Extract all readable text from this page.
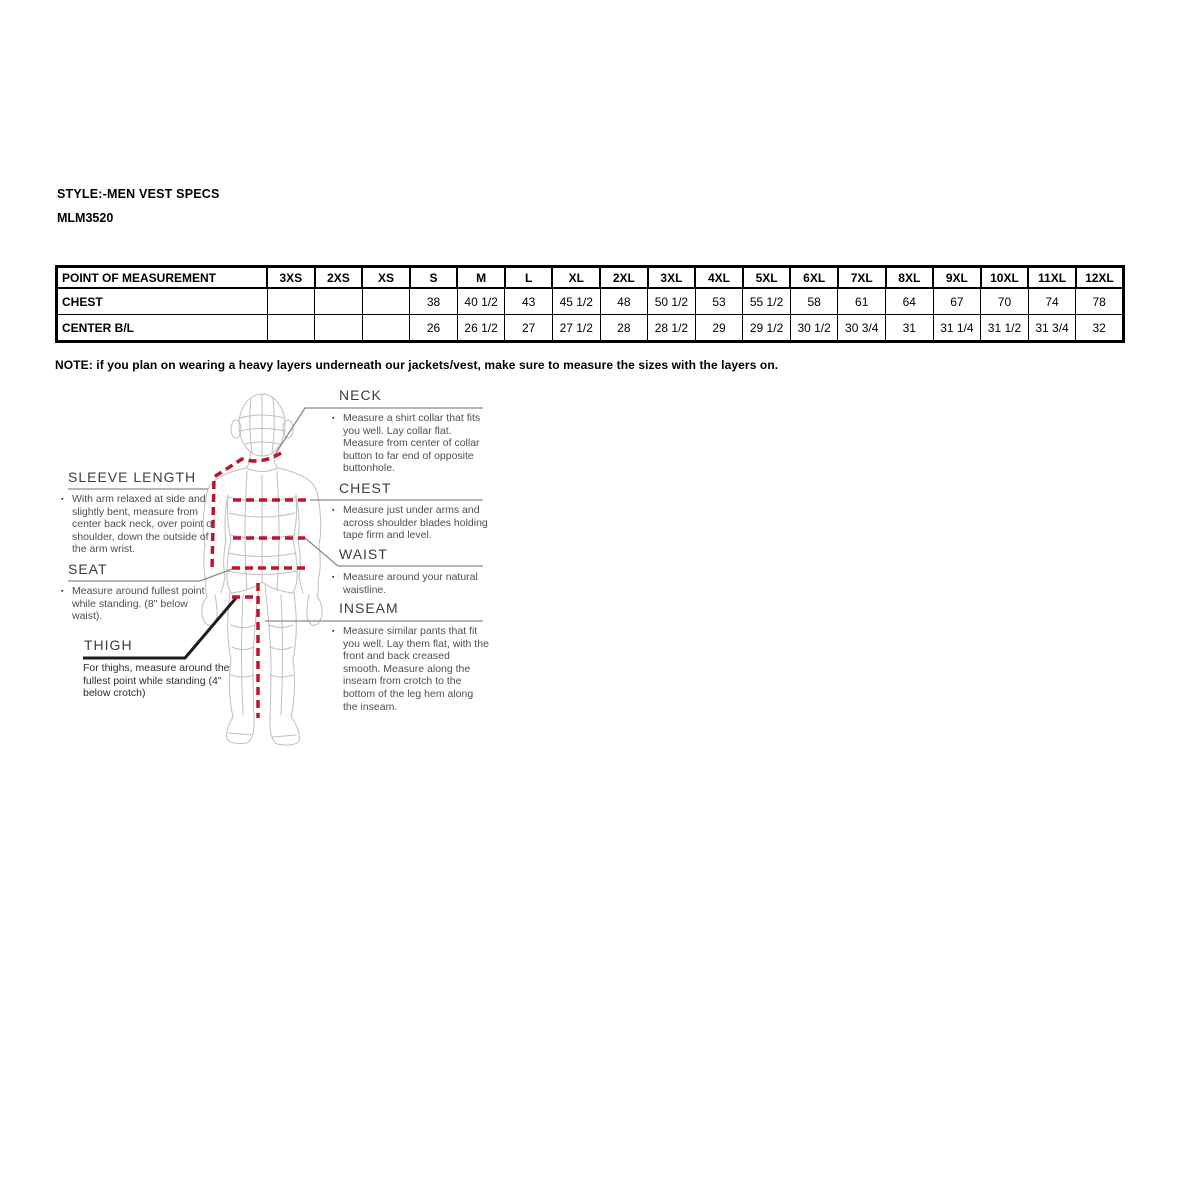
STYLE:-MEN VEST SPECS
MLM3520
POINT OF MEASUREMENT	3XS	2XS	XS	S	M	L	XL	2XL	3XL	4XL	5XL	6XL	7XL	8XL	9XL	10XL	11XL	12XL
CHEST				38	40 1/2	43	45 1/2	48	50 1/2	53	55 1/2	58	61	64	67	70	74	78
CENTER B/L				26	26 1/2	27	27 1/2	28	28 1/2	29	29 1/2	30 1/2	30 3/4	31	31 1/4	31 1/2	31 3/4	32
NOTE: if you plan on wearing a heavy layers underneath our jackets/vest, make sure to measure the sizes with the layers on.
NECK
▪ Measure a shirt collar that fits you well. Lay collar flat. Measure from center of collar button to far end of opposite buttonhole.
SLEEVE LENGTH
▪ With arm relaxed at side and slightly bent, measure from center back neck, over point of shoulder, down the outside of the arm wrist.
CHEST
▪ Measure just under arms and across shoulder blades holding tape firm and level.
SEAT
▪ Measure around fullest point while standing. (8" below waist).
WAIST
▪ Measure around your natural waistline.
THIGH
For thighs, measure around the fullest point while standing (4" below crotch)
INSEAM
▪ Measure similar pants that fit you well. Lay them flat, with the front and back creased smooth. Measure along the inseam from crotch to the bottom of the leg hem along the inseam.
